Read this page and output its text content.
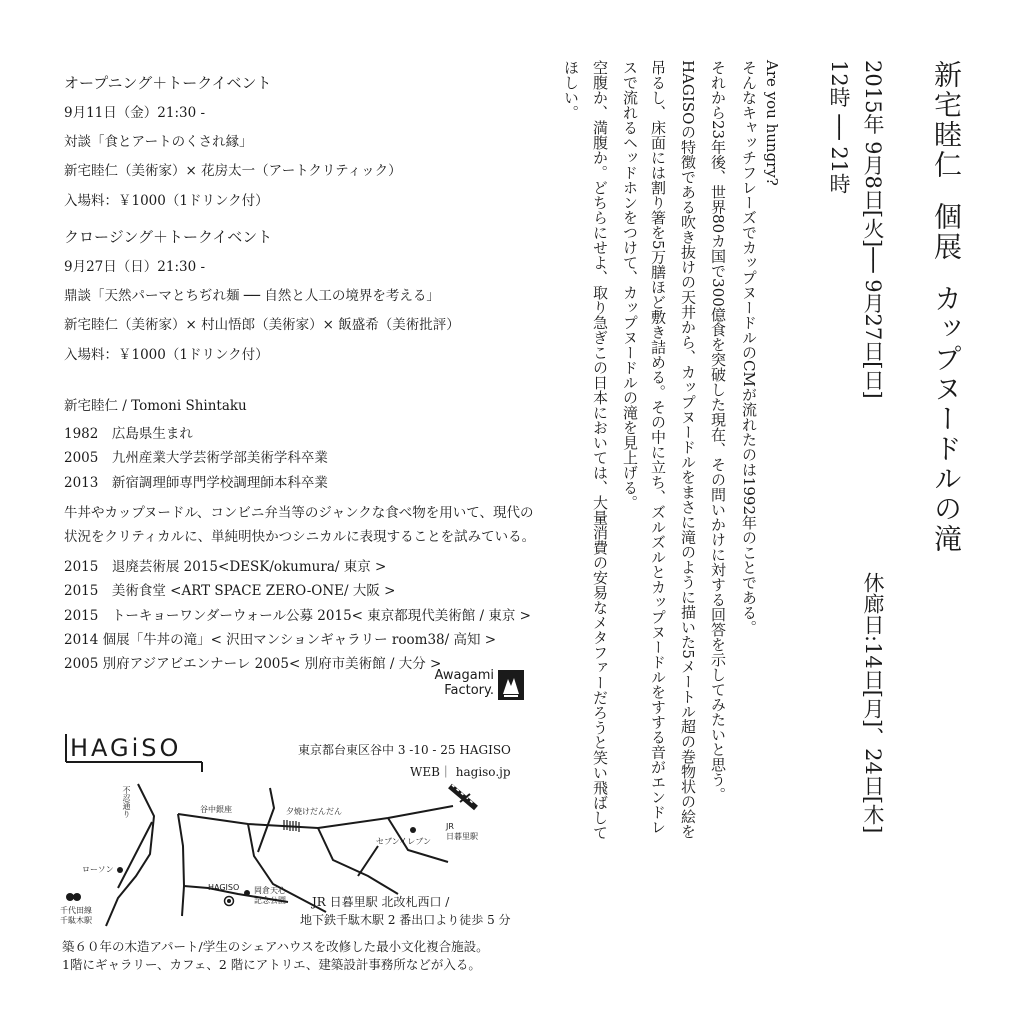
新宅睦仁個展カップヌードルの滝
2015年 9月8日[火]── 9月27日[日]
12時 ── 21時
休廊日:14日[月]、24日[木]
Are you hungry?
そんなキャッチフレーズでカップヌードルのCMが流れたのは1992年のことである。
それから23年後、世界80カ国で300億食を突破した現在、その問いかけに対する回答を示してみたいと思う。
HAGISOの特徴である吹き抜けの天井から、カップヌードルをまさに滝のように描いた5メートル超の巻物状の絵を
吊るし、床面には割り箸を5万膳ほど敷き詰める。その中に立ち、ズルズルとカップヌードルをすする音がエンドレ
スで流れるヘッドホンをつけて、カップヌードルの滝を見上げる。
空腹か、満腹か。どちらにせよ、取り急ぎこの日本においては、大量消費の安易なメタファーだろうと笑い飛ばして
ほしい。
オープニング＋トークイベント
9月11日（金）21:30 -
対談「食とアートのくされ縁」
新宅睦仁（美術家）× 花房太一（アートクリティック）
入場料：￥1000（1ドリンク付）
クロージング＋トークイベント
9月27日（日）21:30 -
鼎談「天然パーマとちぢれ麺 ── 自然と人工の境界を考える」
新宅睦仁（美術家）× 村山悟郎（美術家）× 飯盛希（美術批評）
入場料：￥1000（1ドリンク付）
新宅睦仁 / Tomoni Shintaku
1982　広島県生まれ
2005　九州産業大学芸術学部美術学科卒業
2013　新宿調理師専門学校調理師本科卒業
牛丼やカップヌードル、コンビニ弁当等のジャンクな食べ物を用いて、現代の
状況をクリティカルに、単純明快かつシニカルに表現することを試みている。
2015　退廃芸術展 2015<DESK/okumura/ 東京 >
2015　美術食堂 <ART SPACE ZERO-ONE/ 大阪 >
2015　トーキョーワンダーウォール公募 2015< 東京都現代美術館 / 東京 >
2014 個展「牛丼の滝」< 沢田マンションギャラリー room38/ 高知 >
2005 別府アジアビエンナーレ 2005< 別府市美術館 / 大分 >
Awagami
Factory.
HAGiSO	東京都台東区谷中 3 -10 - 25 HAGISO
WEB｜ hagiso.jp
不忍通り	谷中銀座	夕焼けだんだん
セブンイレブン
JR
日暮里駅
ローソン
千代田線
千駄木駅
HAGISO 岡倉天心
記念公園 JR 日暮里駅 北改札西口 /
地下鉄千駄木駅 2 番出口より徒歩 5 分
築６０年の木造アパート/学生のシェアハウスを改修した最小文化複合施設。
1階にギャラリー、カフェ、2 階にアトリエ、建築設計事務所などが入る。
